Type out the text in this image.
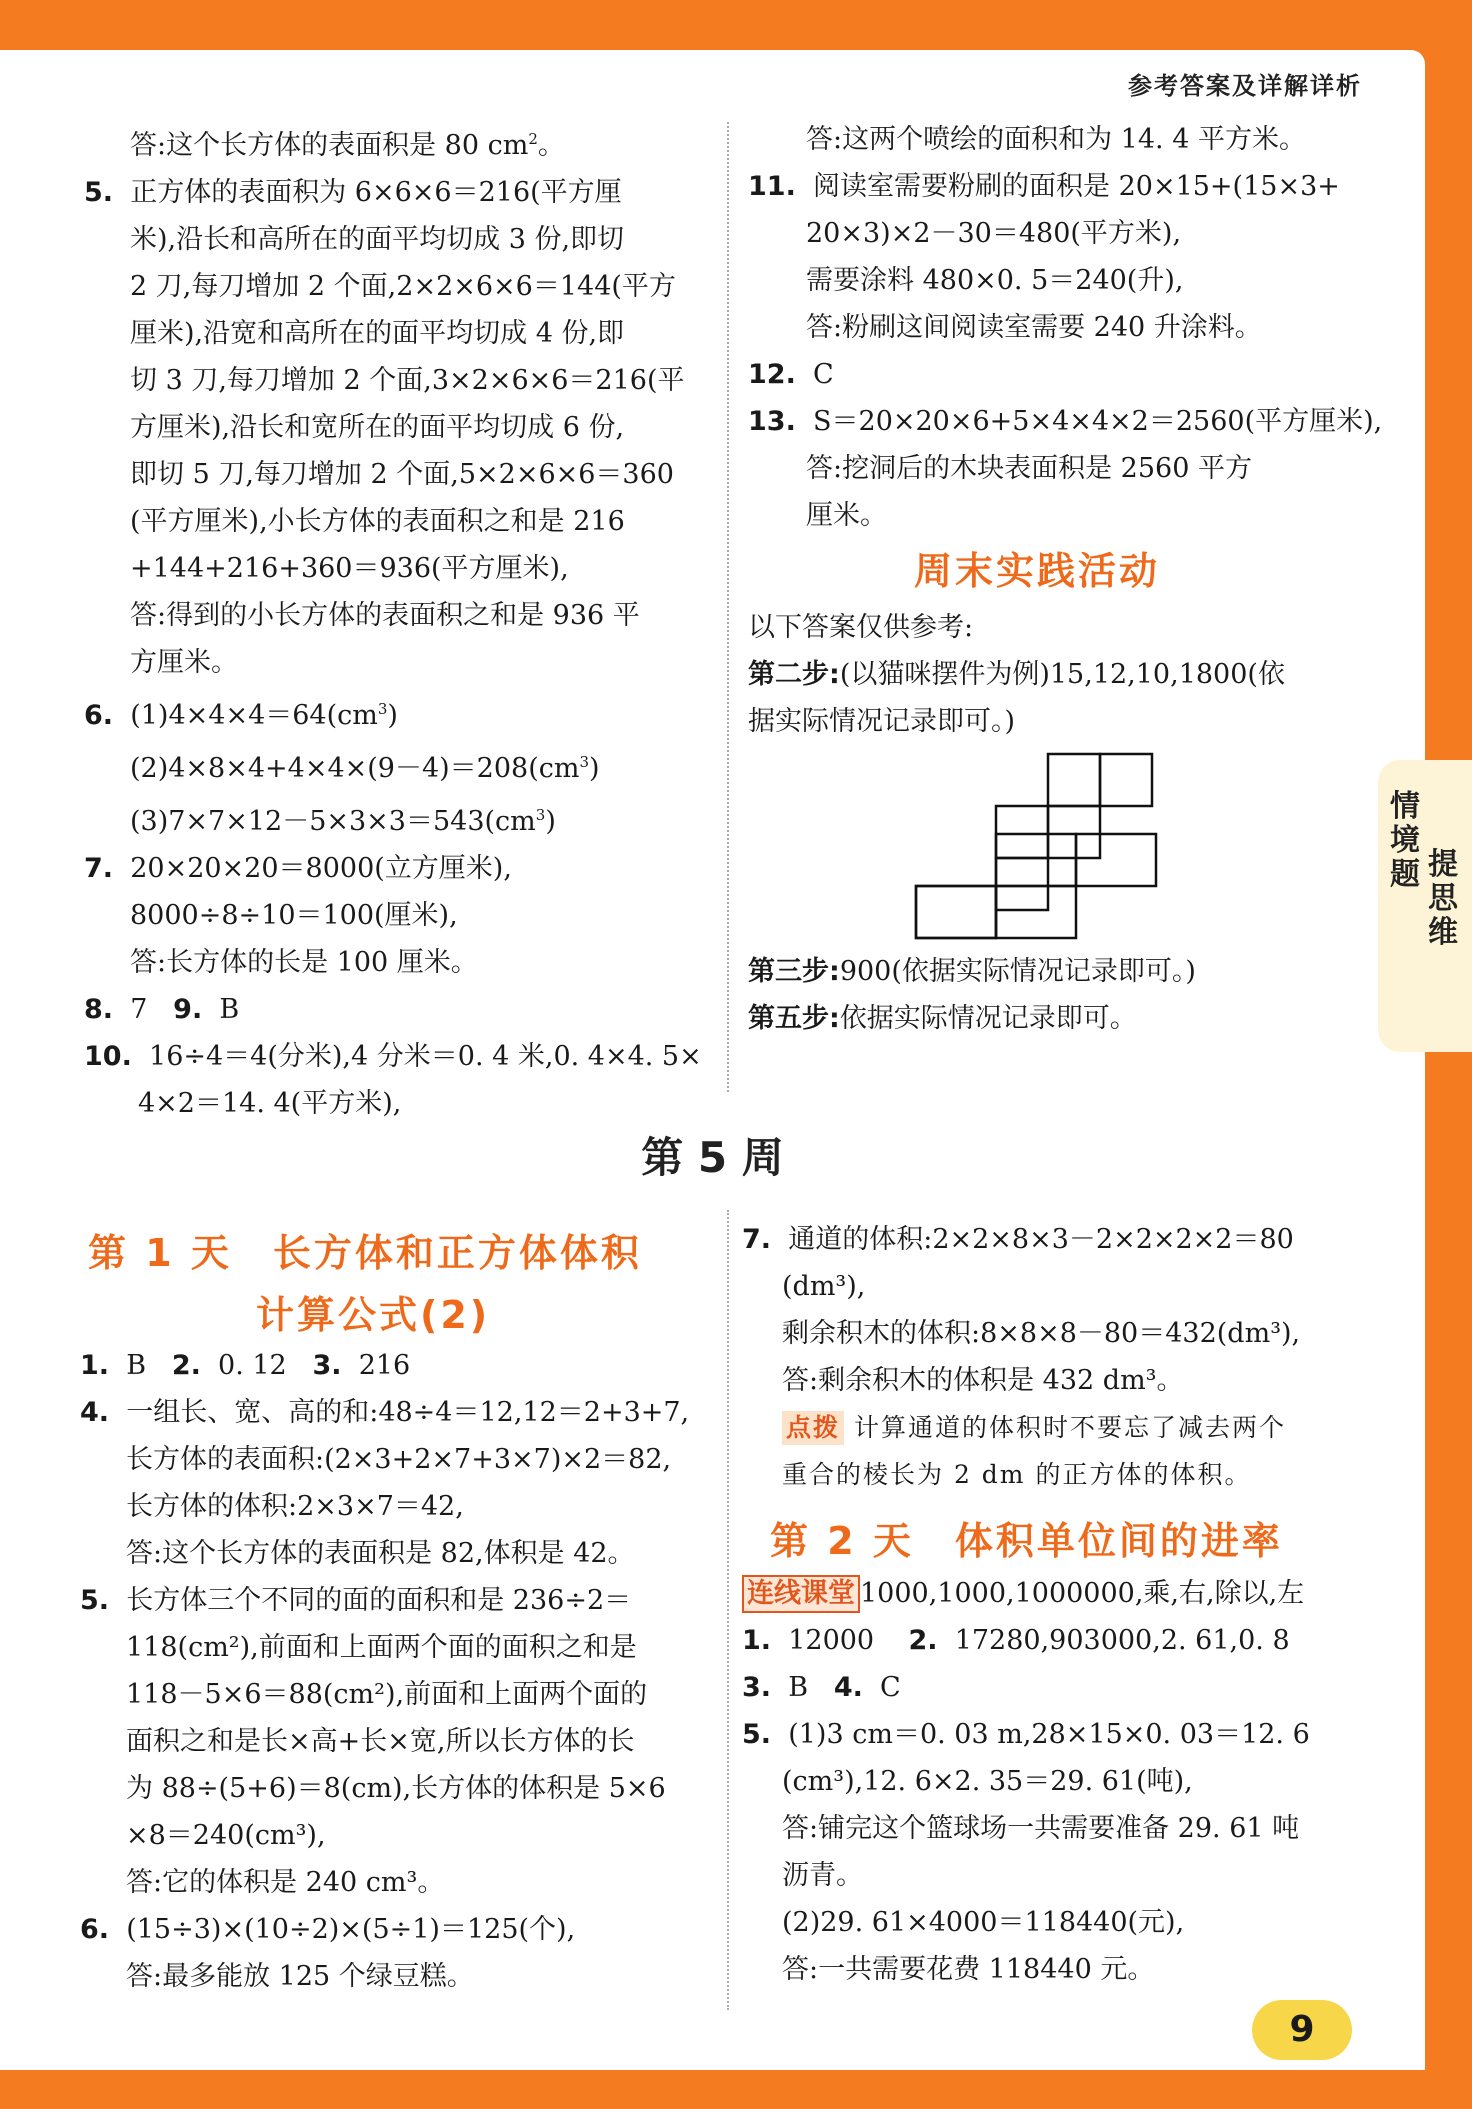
参考答案及详解详析
情境题 提思维
答:这个长方体的表面积是 80 $cm^2$。
5. 正方体的表面积为 6×6×6＝216(平方厘
米),沿长和高所在的面平均切成 3 份,即切
2 刀,每刀增加 2 个面,2×2×6×6＝144(平方
厘米),沿宽和高所在的面平均切成 4 份,即
切 3 刀,每刀增加 2 个面,3×2×6×6＝216(平
方厘米),沿长和宽所在的面平均切成 6 份,
即切 5 刀,每刀增加 2 个面,5×2×6×6＝360
(平方厘米),小长方体的表面积之和是 216
+144+216+360＝936(平方厘米),
答:得到的小长方体的表面积之和是 936 平
方厘米。
6. $(1)4\times 4\times 4=64(cm^3)$
$(2)4\times 8\times 4+4\times 4\times(9-4)=208(cm^3)$
$(3)7\times 7\times 12-5\times 3\times 3=543(cm^3)$
7. 20×20×20＝8000(立方厘米),
8000÷8÷10＝100(厘米),
答:长方体的长是 100 厘米。
8. 7 9. B
10. 16÷4＝4(分米),4 分米＝0. 4 米,0. 4×4. 5×
4×2＝14. 4(平方米),
答:这两个喷绘的面积和为 14. 4 平方米。
11. 阅读室需要粉刷的面积是 20×15+(15×3+
20×3)×2－30＝480(平方米),
需要涂料 480×0. 5＝240(升),
答:粉刷这间阅读室需要 240 升涂料。
12. C
13. S＝20×20×6+5×4×4×2＝2560(平方厘米),
答:挖洞后的木块表面积是 2560 平方
厘米。
周末实践活动
以下答案仅供参考:
第二步:(以猫咪摆件为例)15,12,10,1800(依
据实际情况记录即可。)
第三步:900(依据实际情况记录即可。)
第五步:依据实际情况记录即可。
第 5 周
第 1 天　长方体和正方体体积
计算公式(2)
1. B 2. 0. 12 3. 216
4. 一组长、宽、高的和:48÷4＝12,12＝2+3+7,
长方体的表面积:(2×3+2×7+3×7)×2＝82,
长方体的体积:2×3×7＝42,
答:这个长方体的表面积是 82,体积是 42。
5. 长方体三个不同的面的面积和是 236÷2＝
118(cm²),前面和上面两个面的面积之和是
118－5×6＝88(cm²),前面和上面两个面的
面积之和是长×高+长×宽,所以长方体的长
为 88÷(5+6)＝8(cm),长方体的体积是 5×6
×8＝240(cm³),
答:它的体积是 240 cm³。
6. (15÷3)×(10÷2)×(5÷1)＝125(个),
答:最多能放 125 个绿豆糕。
7. 通道的体积:2×2×8×3－2×2×2×2＝80
(dm³),
剩余积木的体积:8×8×8－80＝432(dm³),
答:剩余积木的体积是 432 dm³。
点拨 计算通道的体积时不要忘了减去两个
重合的棱长为 2 dm 的正方体的体积。
第 2 天　体积单位间的进率
连线课堂 1000,1000,1000000,乘,右,除以,左
1. 12000 2. 17280,903000,2. 61,0. 8
3. B 4. C
5. (1)3 cm＝0. 03 m,28×15×0. 03＝12. 6
(cm³),12. 6×2. 35＝29. 61(吨),
答:铺完这个篮球场一共需要准备 29. 61 吨
沥青。
(2)29. 61×4000＝118440(元),
答:一共需要花费 118440 元。
9
